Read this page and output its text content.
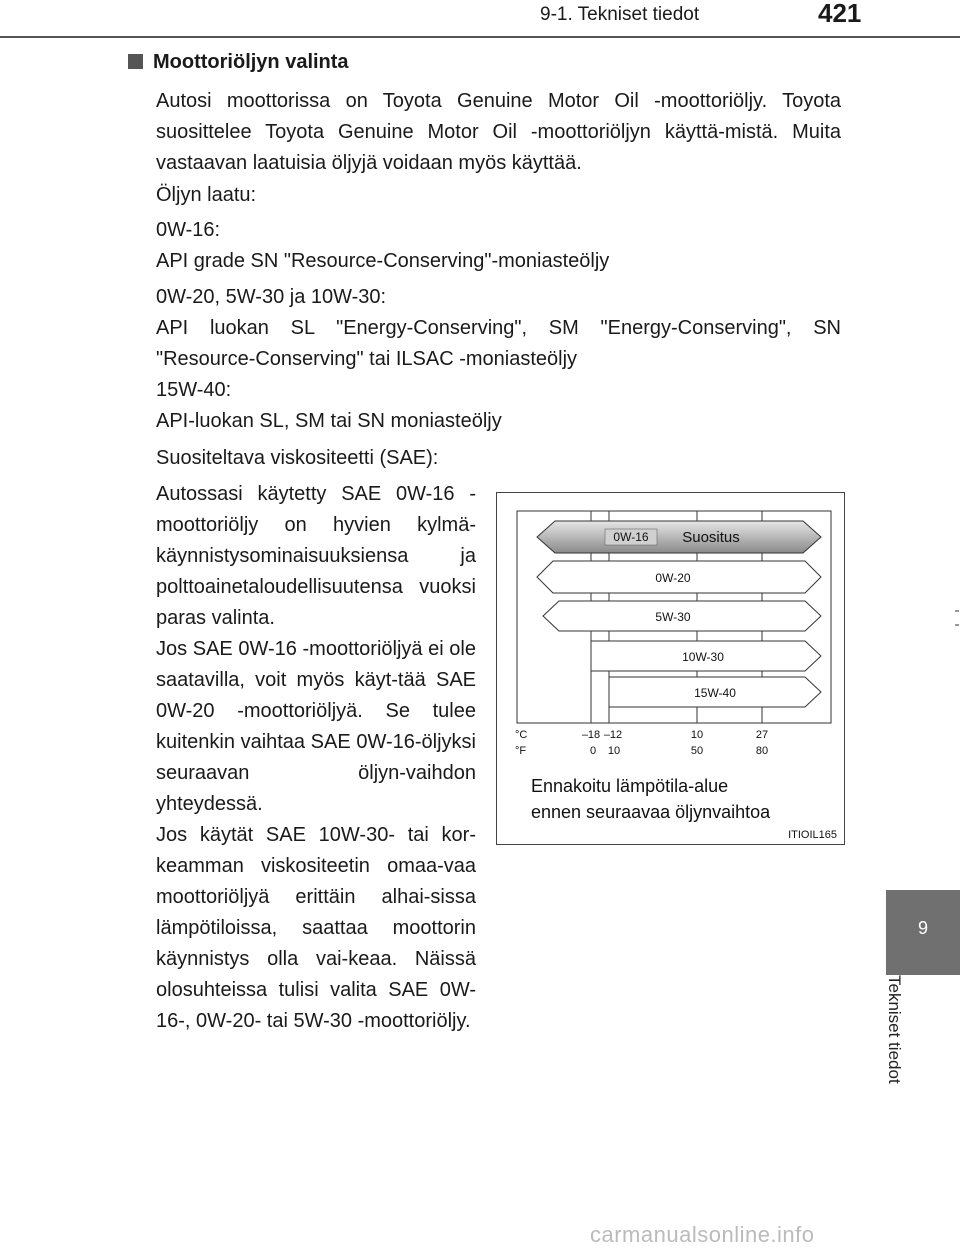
9-1. Tekniset tiedot	421
9
Tekniset tiedot
Moottoriöljyn valinta
Autosi moottorissa on Toyota Genuine Motor Oil -moottoriöljy. Toyota suosittelee Toyota Genuine Motor Oil -moottoriöljyn käyttä-mistä. Muita vastaavan laatuisia öljyjä voidaan myös käyttää.
Öljyn laatu:
0W-16:
API grade SN "Resource-Conserving"-moniasteöljy
0W-20, 5W-30 ja 10W-30:
API luokan SL "Energy-Conserving", SM "Energy-Conserving", SN "Resource-Conserving" tai ILSAC -moniasteöljy
15W-40:
API-luokan SL, SM tai SN moniasteöljy
Suositeltava viskositeetti (SAE):
Autossasi käytetty SAE 0W-16 -moottoriöljy on hyvien kylmä-käynnistysominaisuuksiensa ja polttoainetaloudellisuutensa vuoksi paras valinta.
Jos SAE 0W-16 -moottoriöljyä ei ole saatavilla, voit myös käyt-tää SAE 0W-20 -moottoriöljyä. Se tulee kuitenkin vaihtaa SAE 0W-16-öljyksi seuraavan öljyn-vaihdon yhteydessä.
Jos käytät SAE 10W-30- tai kor-keamman viskositeetin omaa-vaa moottoriöljyä erittäin alhai-sissa lämpötiloissa, saattaa moottorin käynnistys olla vai-keaa. Näissä olosuhteissa tulisi valita SAE 0W-16-, 0W-20- tai 5W-30 -moottoriöljy.
0W-16 Suositus
0W-20
5W-30
10W-30
15W-40
°C
°F
–18 –12	10	27
0 10	50	80
Ennakoitu lämpötila-alue
ennen seuraavaa öljynvaihtoa
ITIOIL165
carmanualsonline.info
